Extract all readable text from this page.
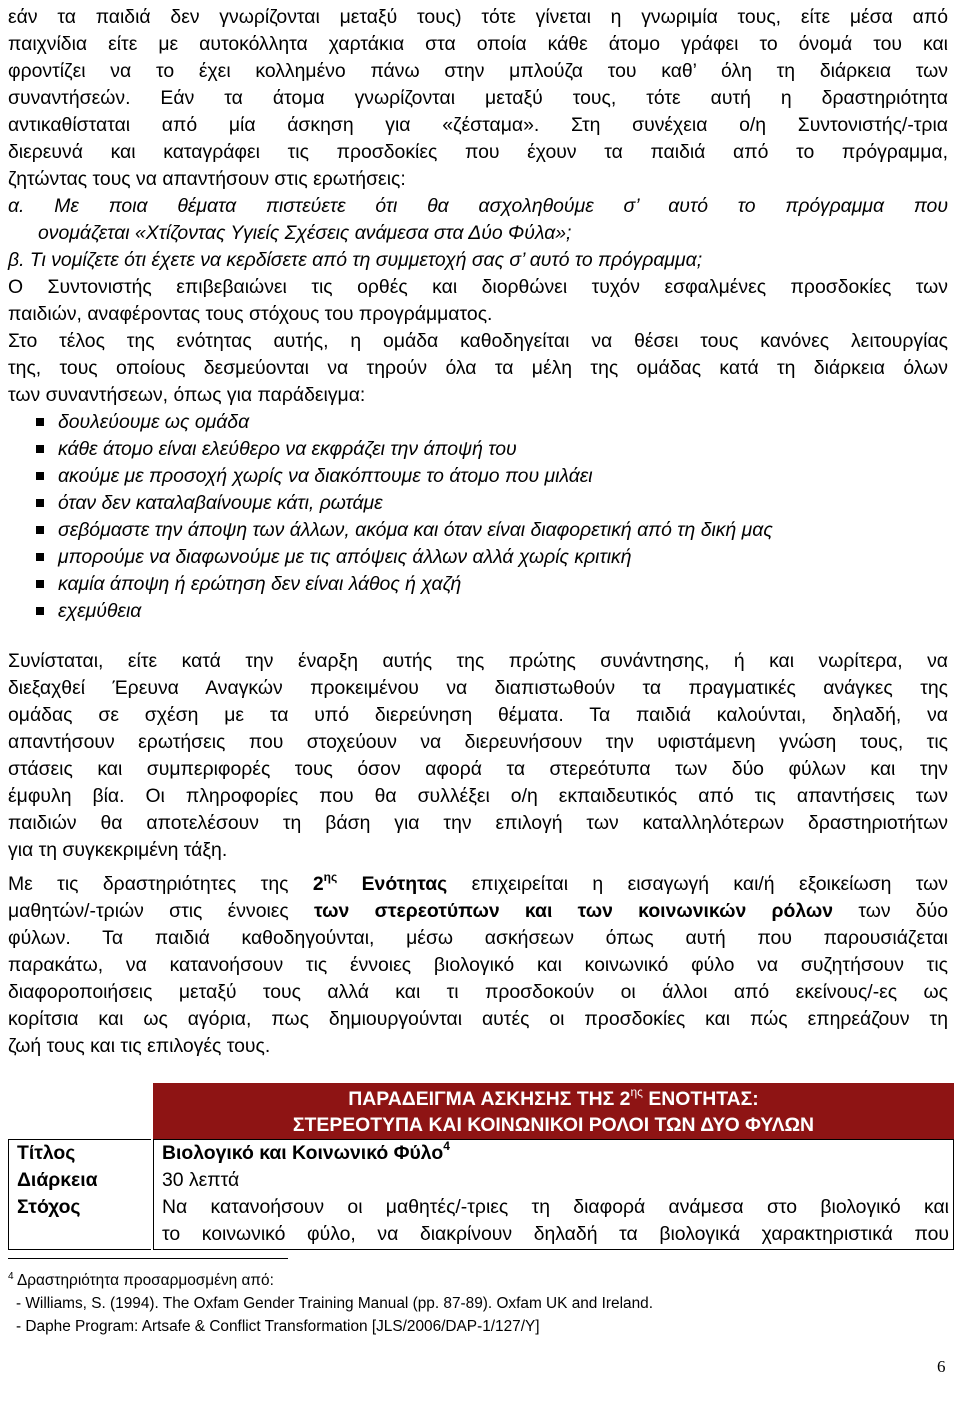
εάν τα παιδιά δεν γνωρίζονται μεταξύ τους) τότε γίνεται η γνωριμία τους, είτε μέσα από

παιχνίδια είτε με αυτοκόλλητα χαρτάκια στα οποία κάθε άτομο γράφει το όνομά του και

φροντίζει να το έχει κολλημένο πάνω στην μπλούζα του καθ’ όλη τη διάρκεια των

συναντήσεών. Εάν τα άτομα γνωρίζονται μεταξύ τους, τότε αυτή η δραστηριότητα

αντικαθίσταται από μία άσκηση για «ζέσταμα». Στη συνέχεια ο/η Συντονιστής/-τρια

διερευνά και καταγράφει τις προσδοκίες που έχουν τα παιδιά από το πρόγραμμα,

ζητώντας τους να απαντήσουν στις ερωτήσεις:

α. Με ποια θέματα πιστεύετε ότι θα ασχοληθούμε σ’ αυτό το πρόγραμμα που

ονομάζεται «Χτίζοντας Υγιείς Σχέσεις ανάμεσα στα Δύο Φύλα»;

β. Τι νομίζετε ότι έχετε να κερδίσετε από τη συμμετοχή σας σ’ αυτό το πρόγραμμα;

Ο Συντονιστής επιβεβαιώνει τις ορθές και διορθώνει τυχόν εσφαλμένες προσδοκίες των

παιδιών, αναφέροντας τους στόχους του προγράμματος.

Στο τέλος της ενότητας αυτής, η ομάδα καθοδηγείται να θέσει τους κανόνες λειτουργίας

της, τους οποίους δεσμεύονται να τηρούν όλα τα μέλη της ομάδας κατά τη διάρκεια όλων

των συναντήσεων, όπως για παράδειγμα:

δουλεύουμε ως ομάδα
κάθε άτομο είναι ελεύθερο να εκφράζει την άποψή του
ακούμε με προσοχή χωρίς να διακόπτουμε το άτομο που μιλάει
όταν δεν καταλαβαίνουμε κάτι, ρωτάμε
σεβόμαστε την άποψη των άλλων, ακόμα και όταν είναι διαφορετική από τη δική μας
μπορούμε να διαφωνούμε με τις απόψεις άλλων αλλά χωρίς κριτική
καμία άποψη ή ερώτηση δεν είναι λάθος ή χαζή
εχεμύθεια

Συνίσταται, είτε κατά την έναρξη αυτής της πρώτης συνάντησης, ή και νωρίτερα, να

διεξαχθεί Έρευνα Αναγκών προκειμένου να διαπιστωθούν τα πραγματικές ανάγκες της

ομάδας σε σχέση με τα υπό διερεύνηση θέματα. Τα παιδιά καλούνται, δηλαδή, να

απαντήσουν ερωτήσεις που στοχεύουν να διερευνήσουν την υφιστάμενη γνώση τους, τις

στάσεις και συμπεριφορές τους όσον αφορά τα στερεότυπα των δύο φύλων και την

έμφυλη βία. Οι πληροφορίες που θα συλλέξει ο/η εκπαιδευτικός από τις απαντήσεις των

παιδιών θα αποτελέσουν τη βάση για την επιλογή των καταλληλότερων δραστηριοτήτων

για τη συγκεκριμένη τάξη.

Με τις δραστηριότητες της $2^{\eta\varsigma}$ Ενότητας επιχειρείται η εισαγωγή και/ή εξοικείωση των

μαθητών/-τριών στις έννοιες των στερεοτύπων και των κοινωνικών ρόλων των δύο

φύλων. Τα παιδιά καθοδηγούνται, μέσω ασκήσεων όπως αυτή που παρουσιάζεται

παρακάτω, να κατανοήσουν τις έννοιες βιολογικό και κοινωνικό φύλο να συζητήσουν τις

διαφοροποιήσεις μεταξύ τους αλλά και τι προσδοκούν οι άλλοι από εκείνους/-ες ως

κορίτσια και ως αγόρια, πως δημιουργούνται αυτές οι προσδοκίες και πώς επηρεάζουν τη

ζωή τους και τις επιλογές τους.

ΠΑΡΑΔΕΙΓΜΑ ΑΣΚΗΣΗΣ ΤΗΣ $2^{\eta\varsigma}$ ΕΝΟΤΗΤΑΣ:
ΣΤΕΡΕΟΤΥΠΑ ΚΑΙ ΚΟΙΝΩΝΙΚΟΙ ΡΟΛΟΙ ΤΩΝ ΔΥΟ ΦΥΛΩΝ
Τίτλος
Διάρκεια
Στόχος
Βιολογικό και Κοινωνικό Φύλο$^4$
30 λεπτά
Να κατανοήσουν οι μαθητές/-τριες τη διαφορά ανάμεσα στο βιολογικό και
το κοινωνικό φύλο, να διακρίνουν δηλαδή τα βιολογικά χαρακτηριστικά που
$^4$ Δραστηριότητα προσαρμοσμένη από:
- Williams, S. (1994). The Oxfam Gender Training Manual (pp. 87-89). Oxfam UK and Ireland.
- Daphe Program: Artsafe & Conflict Transformation [JLS/2006/DAP-1/127/Y]
6
